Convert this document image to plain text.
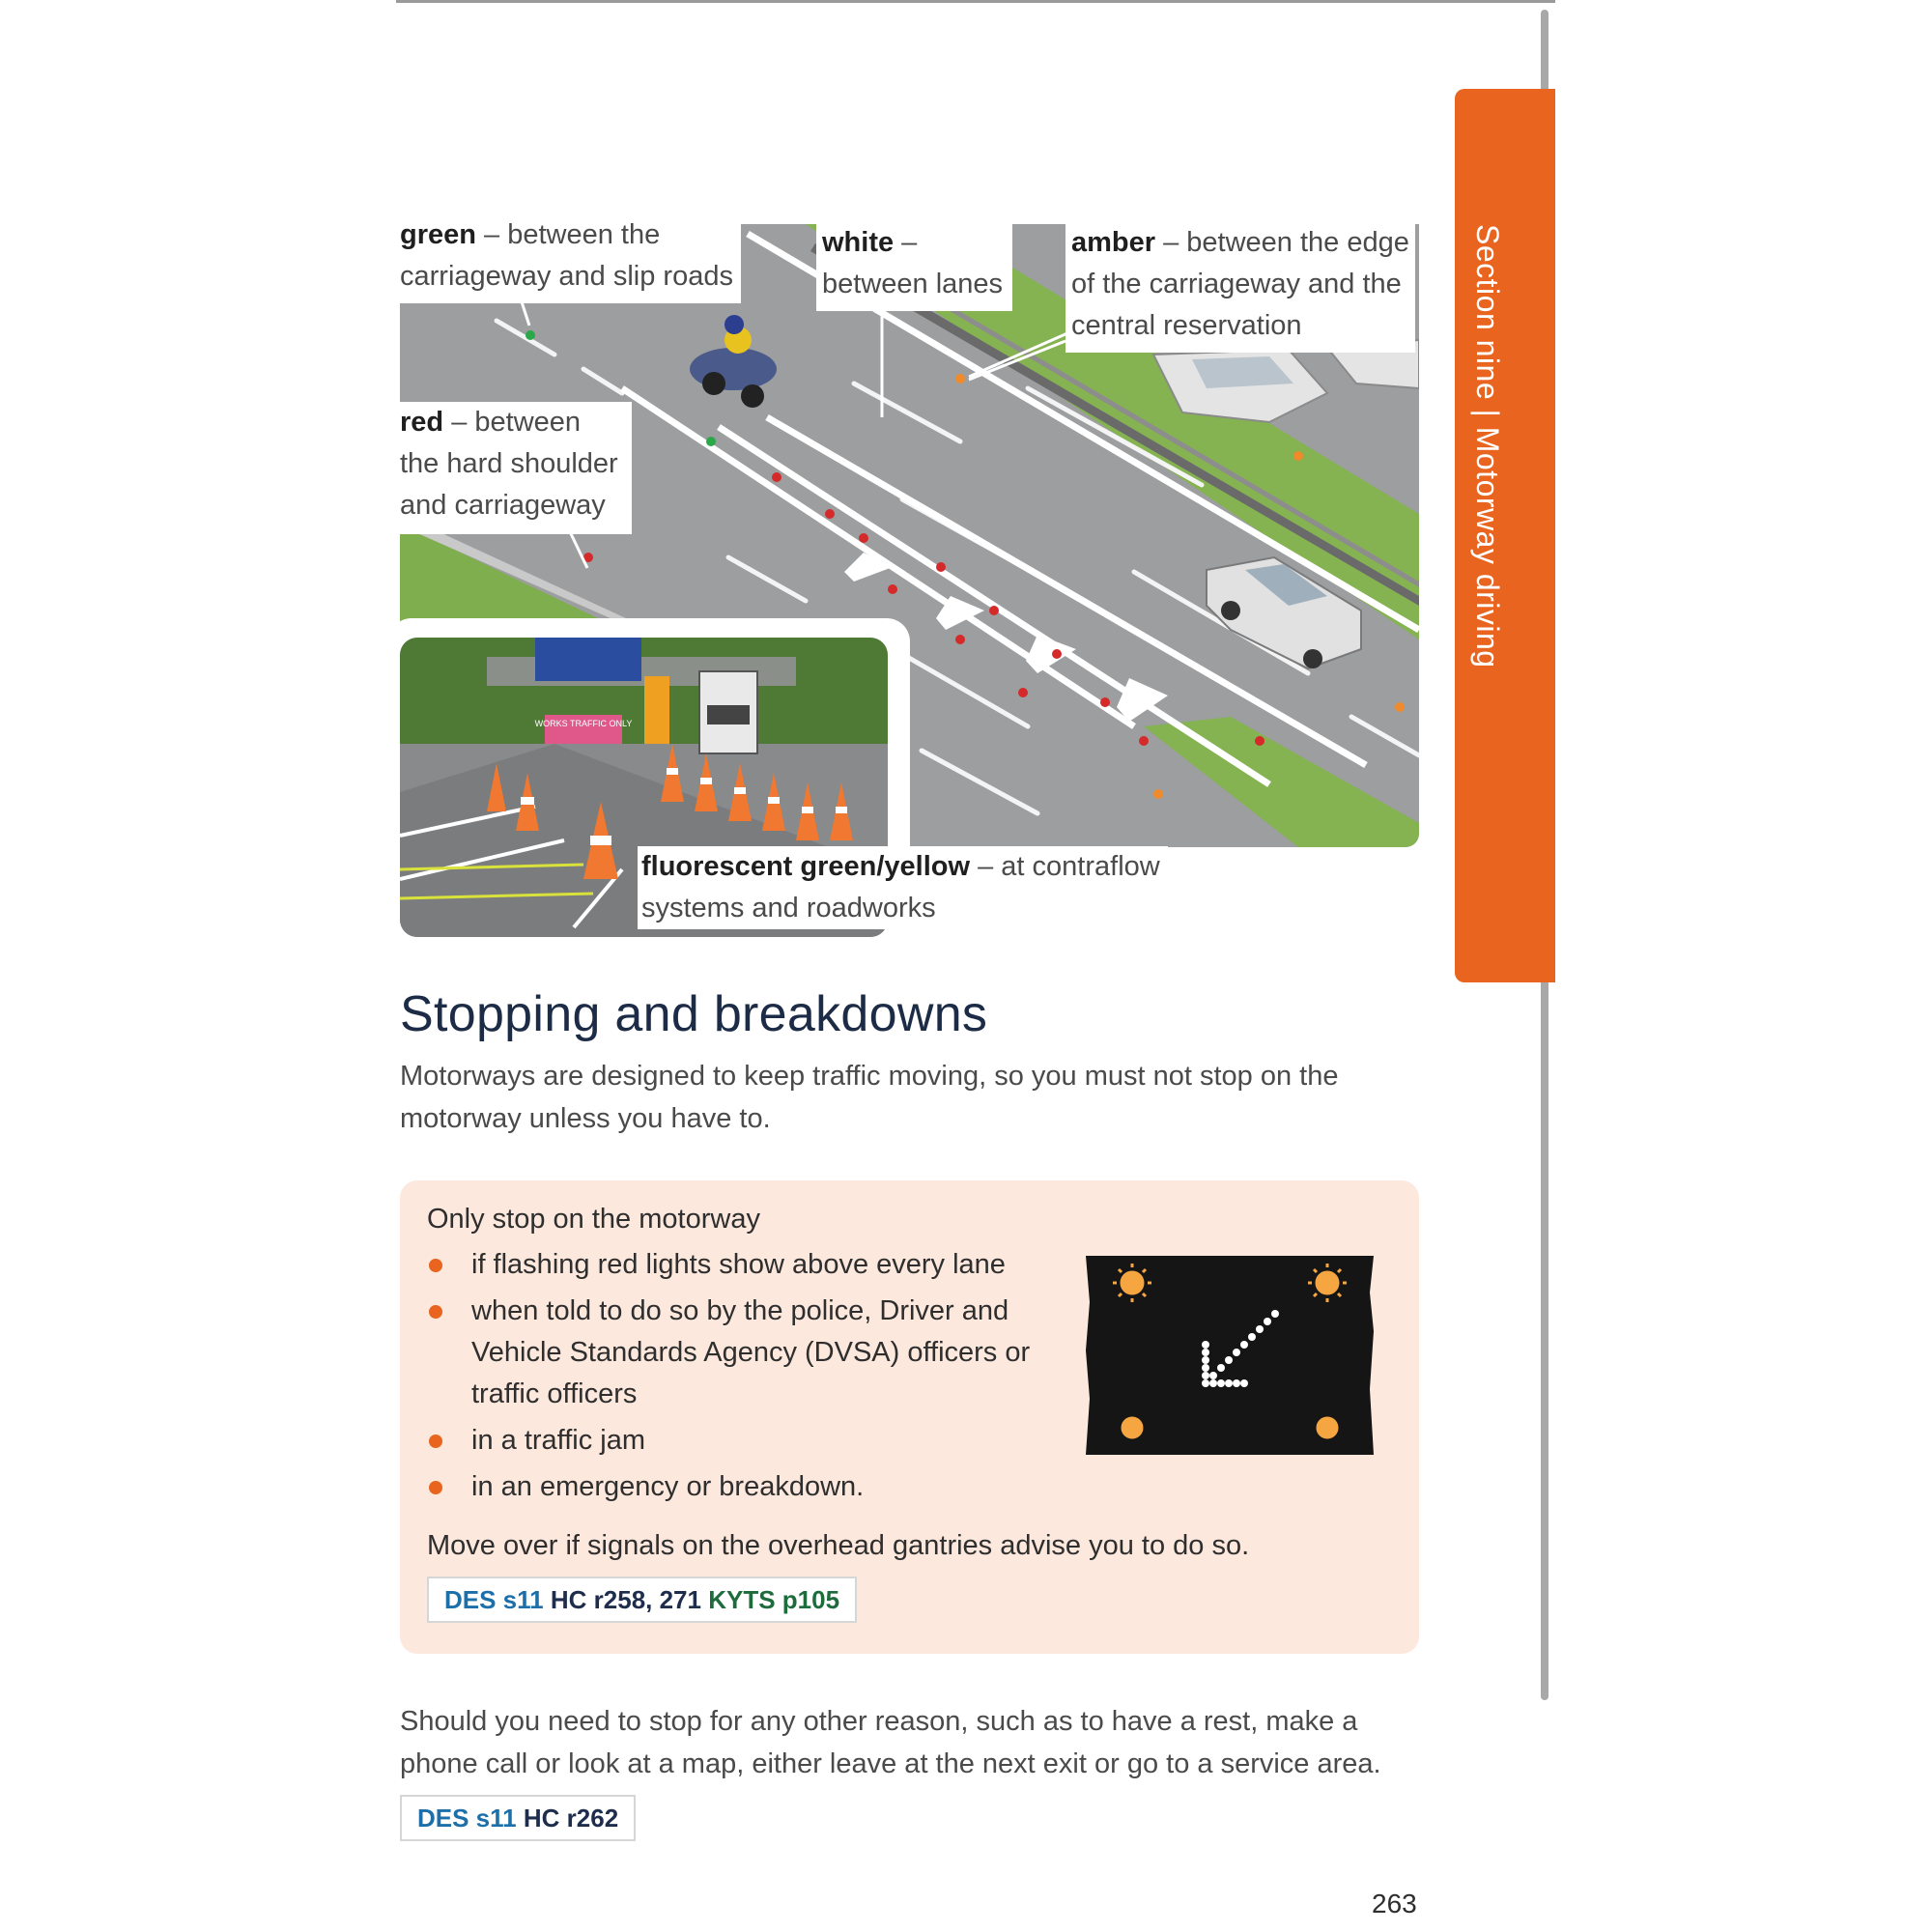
Section nine | Motorway driving
green – between the
carriageway and slip roads
white –
between lanes
amber – between the edge
of the carriageway and the
central reservation
red – between
the hard shoulder
and carriageway
WORKS TRAFFIC ONLY
fluorescent green/yellow – at contraflow
systems and roadworks
Stopping and breakdowns
Motorways are designed to keep traffic moving, so you must not stop on the
motorway unless you have to.
Only stop on the motorway
if flashing red lights show above every lane
when told to do so by the police, Driver and
Vehicle Standards Agency (DVSA) officers or
traffic officers
in a traffic jam
in an emergency or breakdown.
Move over if signals on the overhead gantries advise you to do so.
DES s11 HC r258, 271 KYTS p105
Should you need to stop for any other reason, such as to have a rest, make a
phone call or look at a map, either leave at the next exit or go to a service area.
DES s11 HC r262
263
